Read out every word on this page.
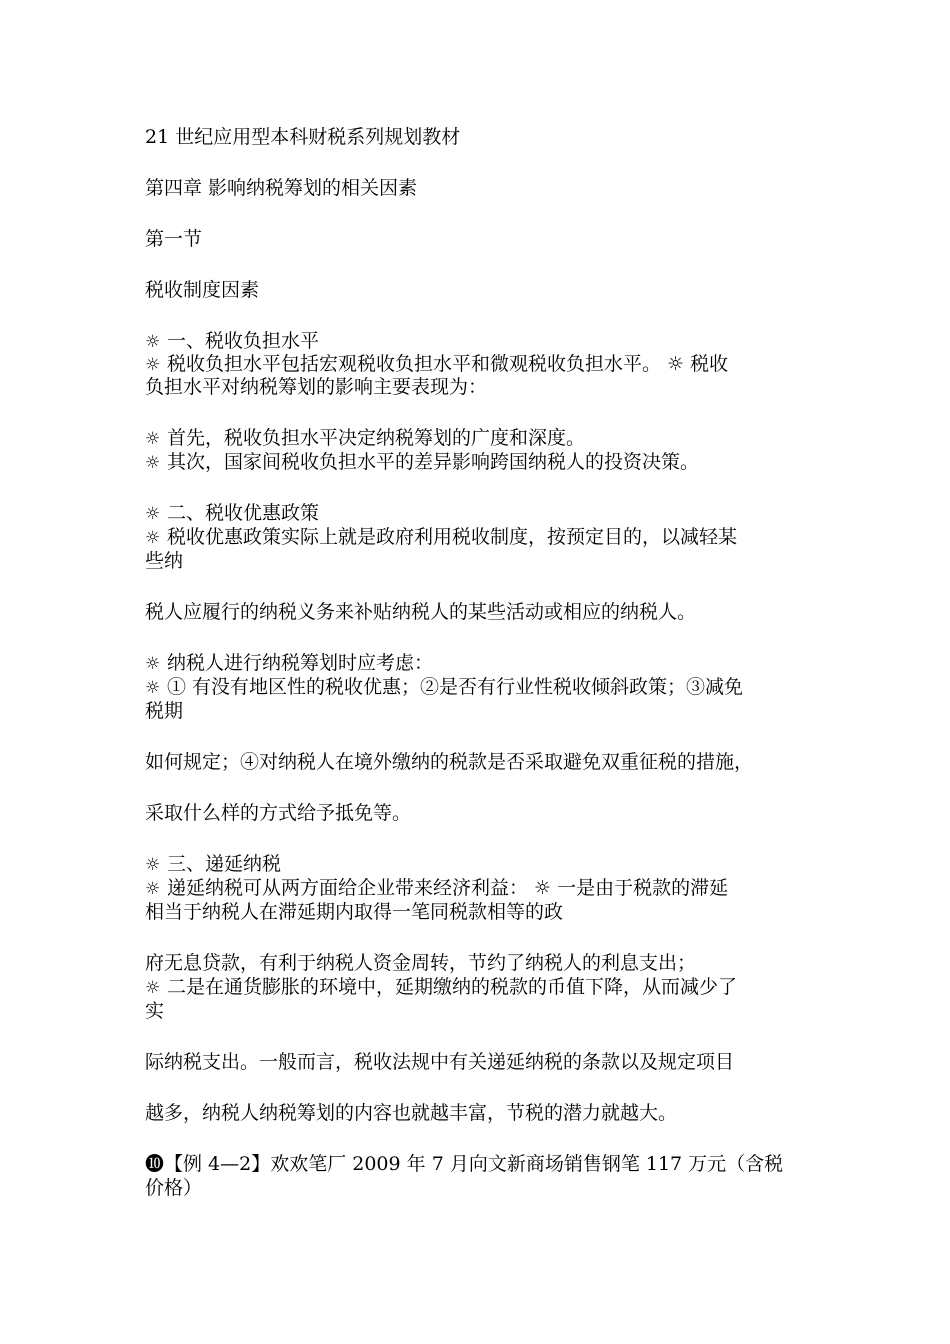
21 世纪应用型本科财税系列规划教材
第四章 影响纳税筹划的相关因素
第一节
税收制度因素
☼ 一、税收负担水平
☼ 税收负担水平包括宏观税收负担水平和微观税收负担水平。 ☼ 税收
负担水平对纳税筹划的影响主要表现为：
☼ 首先，税收负担水平决定纳税筹划的广度和深度。
☼ 其次，国家间税收负担水平的差异影响跨国纳税人的投资决策。
☼ 二、税收优惠政策
☼ 税收优惠政策实际上就是政府利用税收制度，按预定目的，以减轻某
些纳
税人应履行的纳税义务来补贴纳税人的某些活动或相应的纳税人。
☼ 纳税人进行纳税筹划时应考虑：
☼ ① 有没有地区性的税收优惠；②是否有行业性税收倾斜政策；③减免
税期
如何规定；④对纳税人在境外缴纳的税款是否采取避免双重征税的措施，
采取什么样的方式给予抵免等。
☼ 三、递延纳税
☼ 递延纳税可从两方面给企业带来经济利益： ☼ 一是由于税款的滞延
相当于纳税人在滞延期内取得一笔同税款相等的政
府无息贷款，有利于纳税人资金周转，节约了纳税人的利息支出；
☼ 二是在通货膨胀的环境中，延期缴纳的税款的币值下降，从而减少了
实
际纳税支出。一般而言，税收法规中有关递延纳税的条款以及规定项目
越多，纳税人纳税筹划的内容也就越丰富，节税的潜力就越大。
❿【例 4—2】欢欢笔厂 2009 年 7 月向文新商场销售钢笔 117 万元（含税
价格）
